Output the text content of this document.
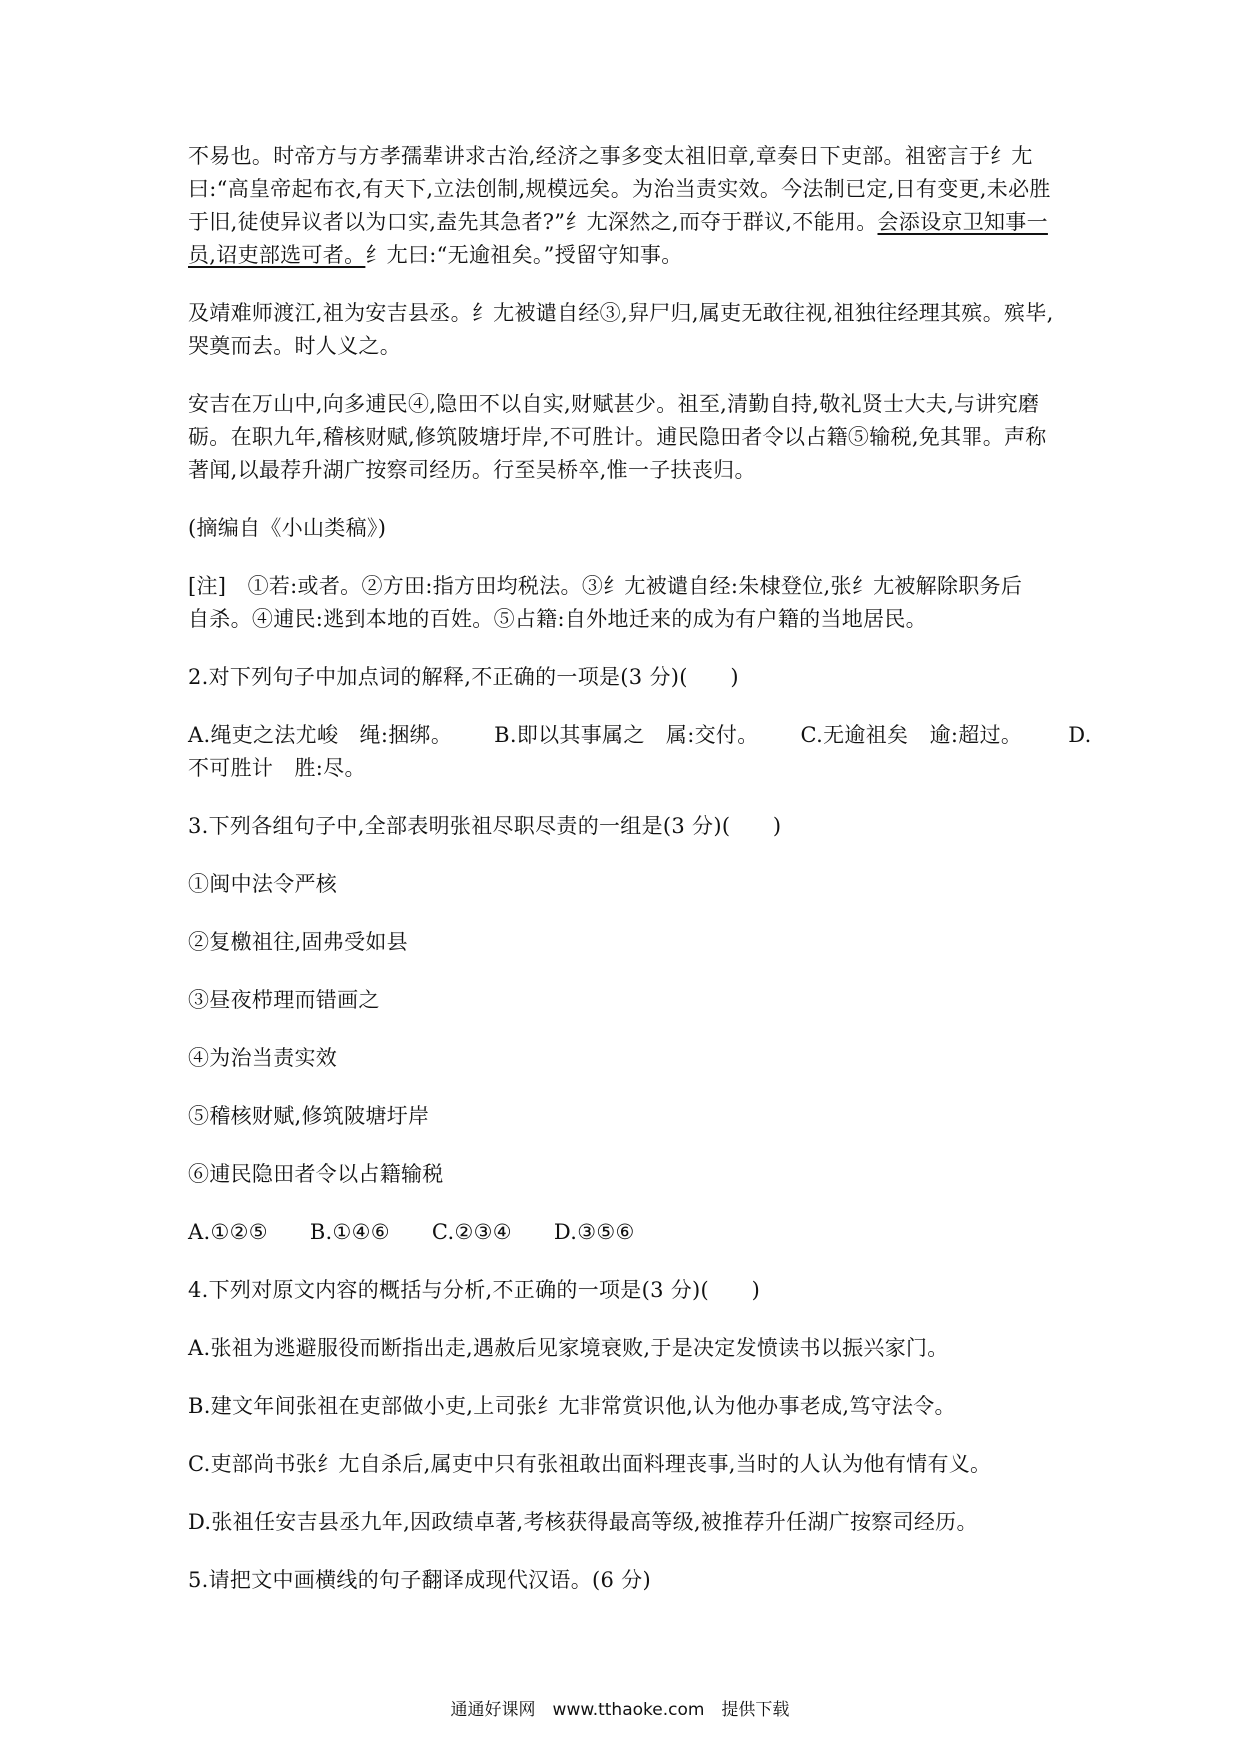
不易也。时帝方与方孝孺辈讲求古治,经济之事多变太祖旧章,章奏日下吏部。祖密言于纟尢
曰:“高皇帝起布衣,有天下,立法创制,规模远矣。为治当责实效。今法制已定,日有变更,未必胜
于旧,徒使异议者以为口实,盍先其急者?”纟尢深然之,而夺于群议,不能用。会添设京卫知事一
员,诏吏部选可者。纟尢曰:“无逾祖矣。”授留守知事。
及靖难师渡江,祖为安吉县丞。纟尢被谴自经③,舁尸归,属吏无敢往视,祖独往经理其殡。殡毕,
哭奠而去。时人义之。
安吉在万山中,向多逋民④,隐田不以自实,财赋甚少。祖至,清勤自持,敬礼贤士大夫,与讲究磨
砺。在职九年,稽核财赋,修筑陂塘圩岸,不可胜计。逋民隐田者令以占籍⑤输税,免其罪。声称
著闻,以最荐升湖广按察司经历。行至吴桥卒,惟一子扶丧归。
(摘编自《小山类稿》)
[注]　①若:或者。②方田:指方田均税法。③纟尢被谴自经:朱棣登位,张纟尢被解除职务后
自杀。④逋民:逃到本地的百姓。⑤占籍:自外地迁来的成为有户籍的当地居民。
2.对下列句子中加点词的解释,不正确的一项是(3 分)(　　)
A.绳吏之法尤峻　绳:捆绑。 B.即以其事属之　属:交付。 C.无逾祖矣　逾:超过。 D.
不可胜计　胜:尽。
3.下列各组句子中,全部表明张祖尽职尽责的一组是(3 分)(　　)
①闽中法令严核
②复檄祖往,固弗受如县
③昼夜栉理而错画之
④为治当责实效
⑤稽核财赋,修筑陂塘圩岸
⑥逋民隐田者令以占籍输税
A.①②⑤ B.①④⑥ C.②③④ D.③⑤⑥
4.下列对原文内容的概括与分析,不正确的一项是(3 分)(　　)
A.张祖为逃避服役而断指出走,遇赦后见家境衰败,于是决定发愤读书以振兴家门。
B.建文年间张祖在吏部做小吏,上司张纟尢非常赏识他,认为他办事老成,笃守法令。
C.吏部尚书张纟尢自杀后,属吏中只有张祖敢出面料理丧事,当时的人认为他有情有义。
D.张祖任安吉县丞九年,因政绩卓著,考核获得最高等级,被推荐升任湖广按察司经历。
5.请把文中画横线的句子翻译成现代汉语。(6 分)
通通好课网　www.tthaoke.com　提供下载
